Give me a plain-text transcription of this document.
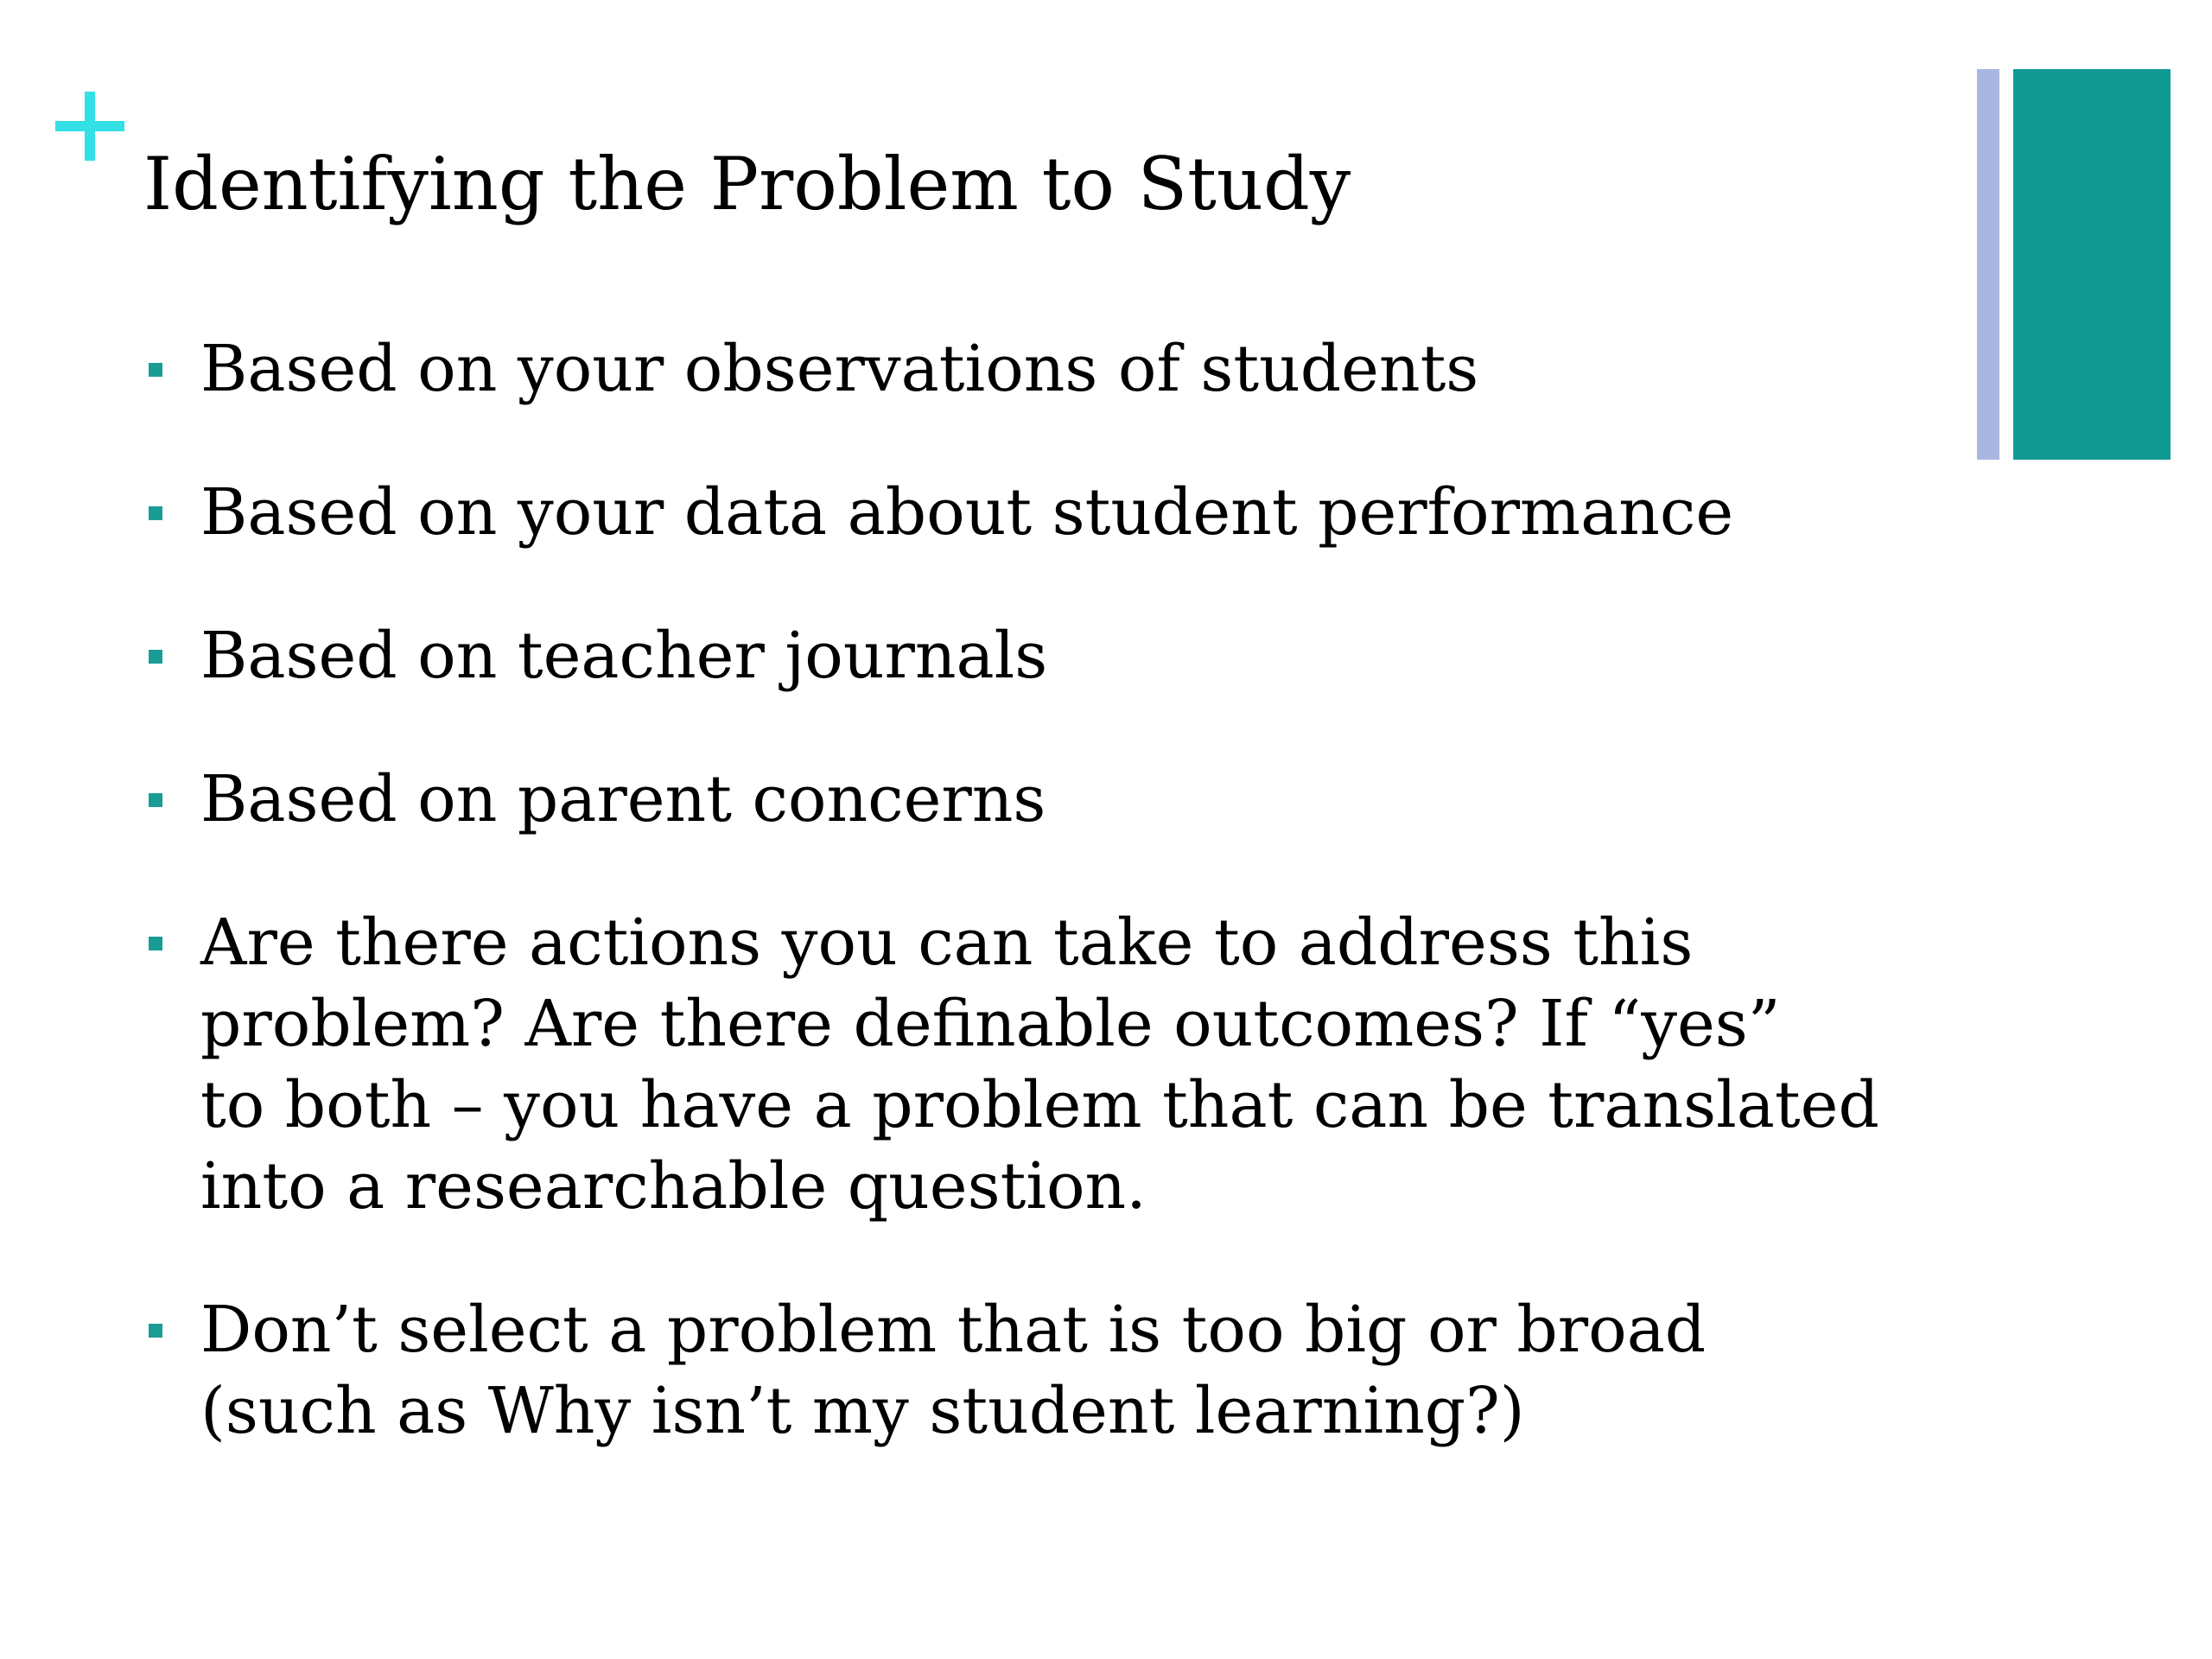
Identifying the Problem to Study
Based on your observations of students
Based on your data about student performance
Based on teacher journals
Based on parent concerns
Are there actions you can take to address this
problem? Are there definable outcomes? If “yes”
to both – you have a problem that can be translated
into a researchable question.
Don’t select a problem that is too big or broad
(such as Why isn’t my student learning?)
